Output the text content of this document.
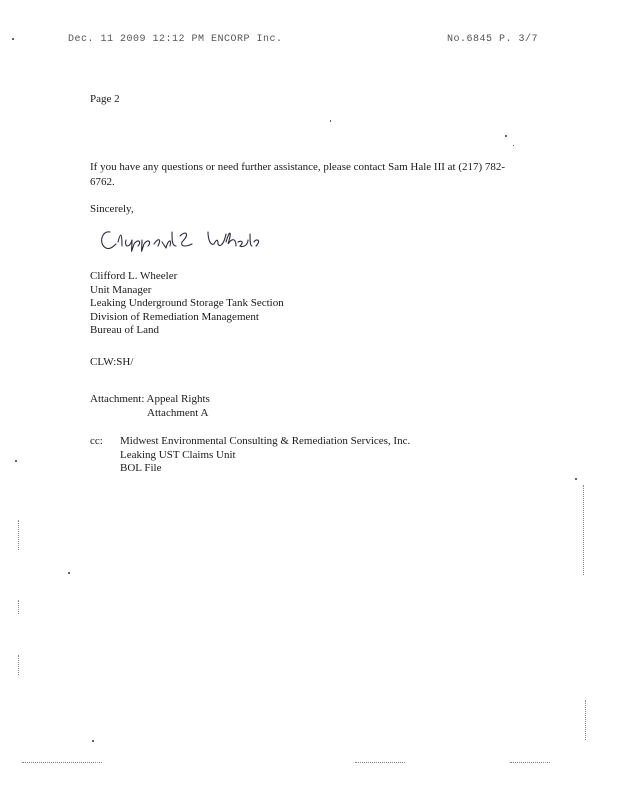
Dec. 11 2009 12:12 PM ENCORP Inc.	No.6845 P. 3/7
Page 2
If you have any questions or need further assistance, please contact Sam Hale III at (217) 782-6762.
Sincerely,
Clifford L. Wheeler
Unit Manager
Leaking Underground Storage Tank Section
Division of Remediation Management
Bureau of Land
CLW:SH/
Attachment: Appeal Rights
Attachment A
cc: Midwest Environmental Consulting & Remediation Services, Inc.
Leaking UST Claims Unit
BOL File
